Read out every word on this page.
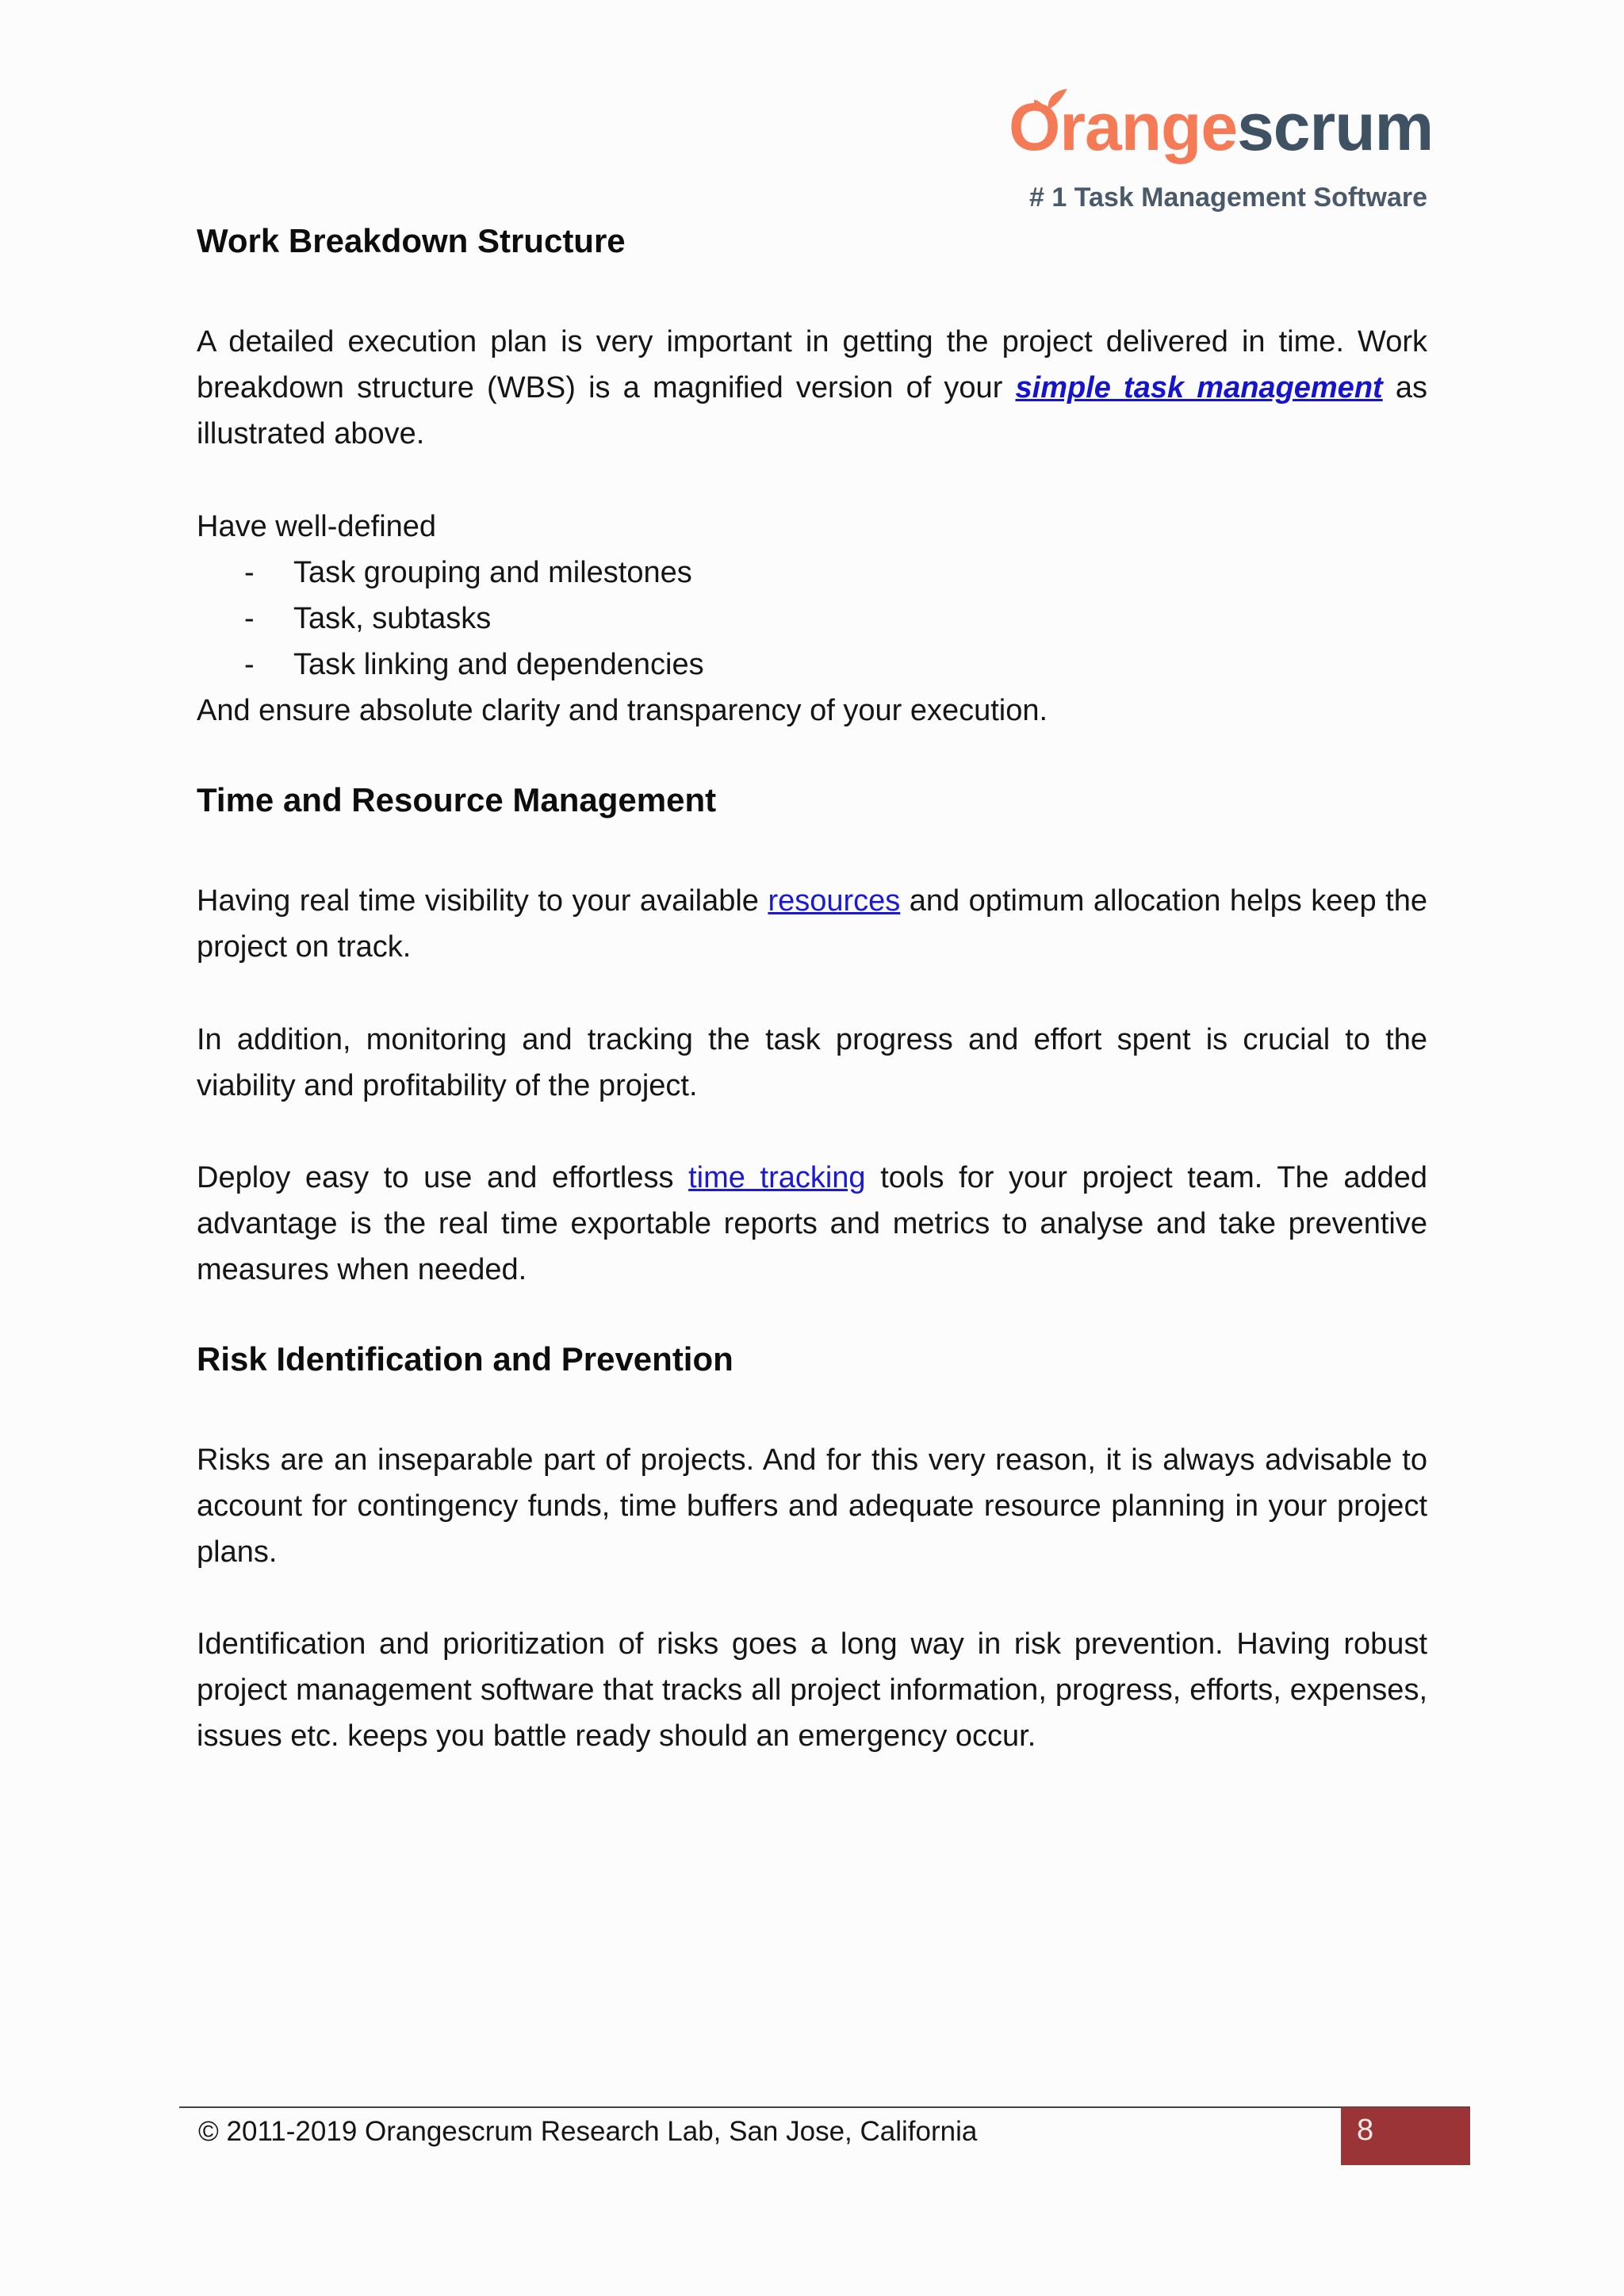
Orangescrum
# 1 Task Management Software
Work Breakdown Structure

A detailed execution plan is very important in getting the project delivered in time. Work breakdown structure (WBS) is a magnified version of your simple task management as illustrated above.

Have well-defined
- Task grouping and milestones
- Task, subtasks
- Task linking and dependencies
And ensure absolute clarity and transparency of your execution.
Time and Resource Management

Having real time visibility to your available resources and optimum allocation helps keep the project on track.

In addition, monitoring and tracking the task progress and effort spent is crucial to the viability and profitability of the project.

Deploy easy to use and effortless time tracking tools for your project team. The added advantage is the real time exportable reports and metrics to analyse and take preventive measures when needed.

Risk Identification and Prevention

Risks are an inseparable part of projects. And for this very reason, it is always advisable to account for contingency funds, time buffers and adequate resource planning in your project plans.

Identification and prioritization of risks goes a long way in risk prevention. Having robust project management software that tracks all project information, progress, efforts, expenses, issues etc. keeps you battle ready should an emergency occur.

© 2011-2019 Orangescrum Research Lab, San Jose, California	8
